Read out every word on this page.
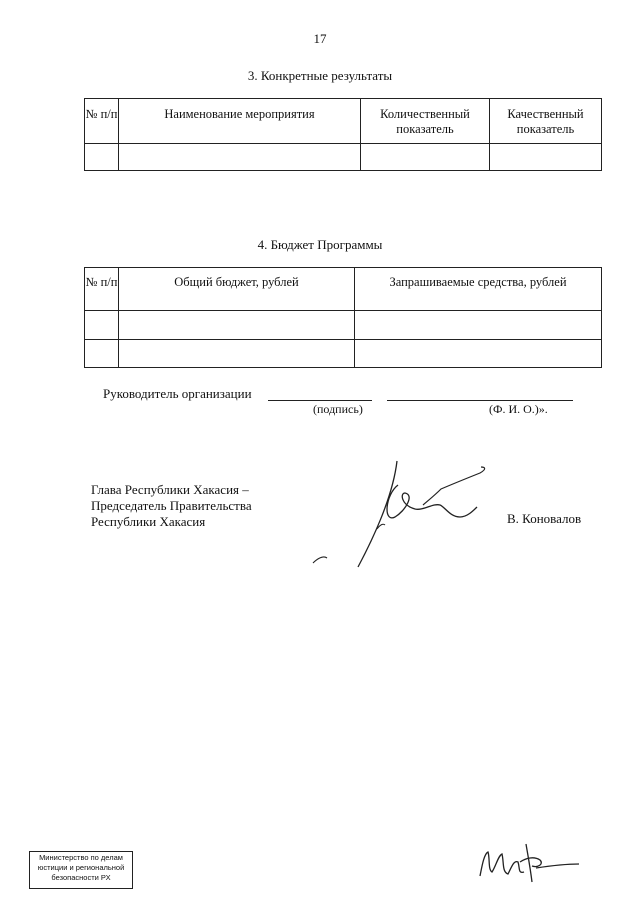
17
3. Конкретные результаты
№ п/п	Наименование мероприятия	Количественный показатель	Качественный показатель

4. Бюджет Программы
№ п/п	Общий бюджет, рублей	Запрашиваемые средства, рублей

Руководитель организации
(подпись)	(Ф. И. О.)».
Глава Республики Хакасия –
Председатель Правительства
Республики Хакасия	В. Коновалов
Министерство по делам
юстиции и региональной
безопасности РХ
